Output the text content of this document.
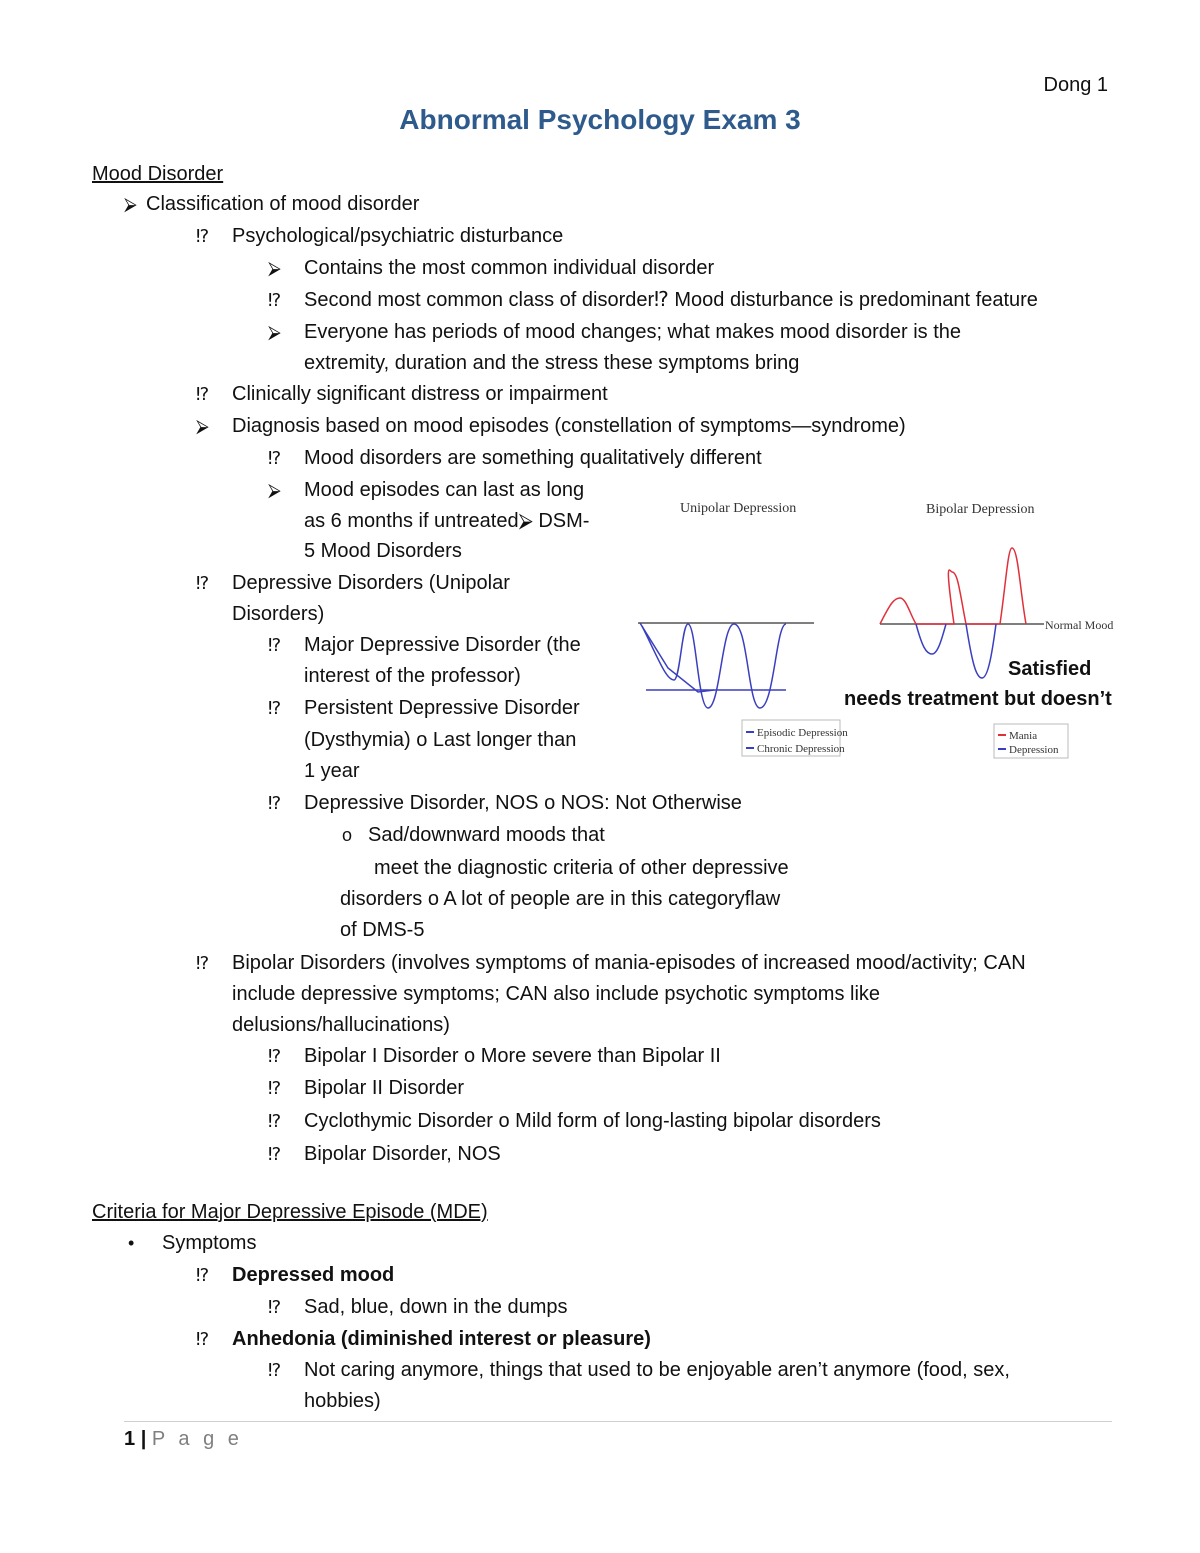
Dong 1
Abnormal Psychology Exam 3
Mood Disorder
⮚ Classification of mood disorder
⁉ Psychological/psychiatric disturbance
⮚ Contains the most common individual disorder
⁉ Second most common class of disorder⁉ Mood disturbance is predominant feature
⮚ Everyone has periods of mood changes; what makes mood disorder is the
extremity, duration and the stress these symptoms bring
⁉ Clinically significant distress or impairment
⮚ Diagnosis based on mood episodes (constellation of symptoms—syndrome)
⁉ Mood disorders are something qualitatively different
⮚ Mood episodes can last as long
as 6 months if untreated⮚ DSM-
5 Mood Disorders
⁉ Depressive Disorders (Unipolar
Disorders)
⁉ Major Depressive Disorder (the
interest of the professor)
⁉ Persistent Depressive Disorder
(Dysthymia) o Last longer than
1 year
⁉ Depressive Disorder, NOS o NOS: Not Otherwise
o Sad/downward moods that
meet the diagnostic criteria of other depressive
disorders o A lot of people are in this categoryflaw
of DMS-5
⁉ Bipolar Disorders (involves symptoms of mania-episodes of increased mood/activity; CAN
include depressive symptoms; CAN also include psychotic symptoms like
delusions/hallucinations)
⁉ Bipolar I Disorder o More severe than Bipolar II
⁉ Bipolar II Disorder
⁉ Cyclothymic Disorder o Mild form of long-lasting bipolar disorders
⁉ Bipolar Disorder, NOS
Criteria for Major Depressive Episode (MDE)
• Symptoms
⁉ Depressed mood
⁉ Sad, blue, down in the dumps
⁉ Anhedonia (diminished interest or pleasure)
⁉ Not caring anymore, things that used to be enjoyable aren’t anymore (food, sex,
hobbies)
Unipolar Depression	Bipolar Depression
Episodic Depression
Chronic Depression
Normal Mood
Mania
Depression
Satisfied
needs treatment but doesn’t
1 | P a g e
